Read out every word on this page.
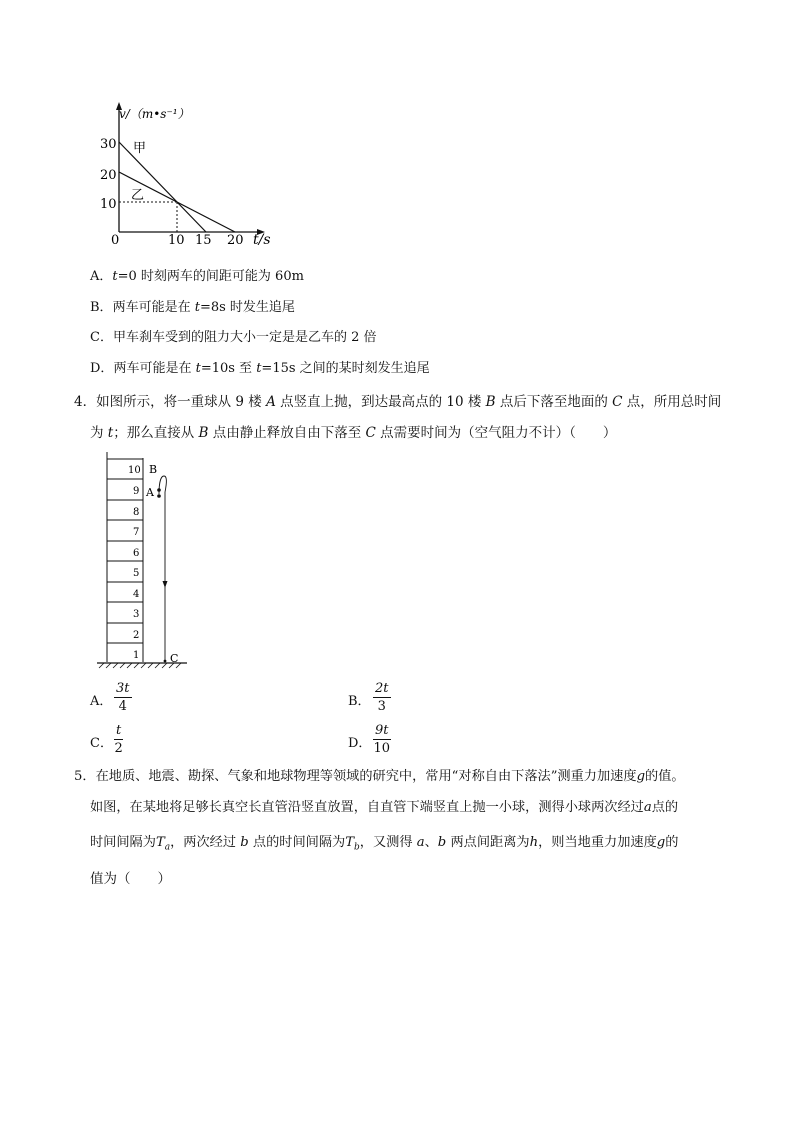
v/（m•s⁻¹）
30
20
10
0	10 15 20 t/s
甲
乙
A．t=0 时刻两车的间距可能为 60m
B．两车可能是在 t=8s 时发生追尾
C．甲车刹车受到的阻力大小一定是是乙车的 2 倍
D．两车可能是在 t=10s 至 t=15s 之间的某时刻发生追尾
4．如图所示，将一重球从 9 楼 A 点竖直上抛，到达最高点的 10 楼 B 点后下落至地面的 C 点，所用总时间
为 t；那么直接从 B 点由静止释放自由下落至 C 点需要时间为（空气阻力不计）（　　）
10
9
8
7
6
5
4
3
2
1
B
A
C
A． $\frac{3t}{4}$	B． $\frac{2t}{3}$
C． $\frac{t}{2}$	D． $\frac{9t}{10}$
5．在地质、地震、勘探、气象和地球物理等领域的研究中，常用“对称自由下落法”测重力加速度g的值。
如图，在某地将足够长真空长直管沿竖直放置，自直管下端竖直上抛一小球，测得小球两次经过a点的
时间间隔为$T_a$，两次经过 b 点的时间间隔为$T_b$，又测得 a、b 两点间距离为h，则当地重力加速度g的
值为（　　）
